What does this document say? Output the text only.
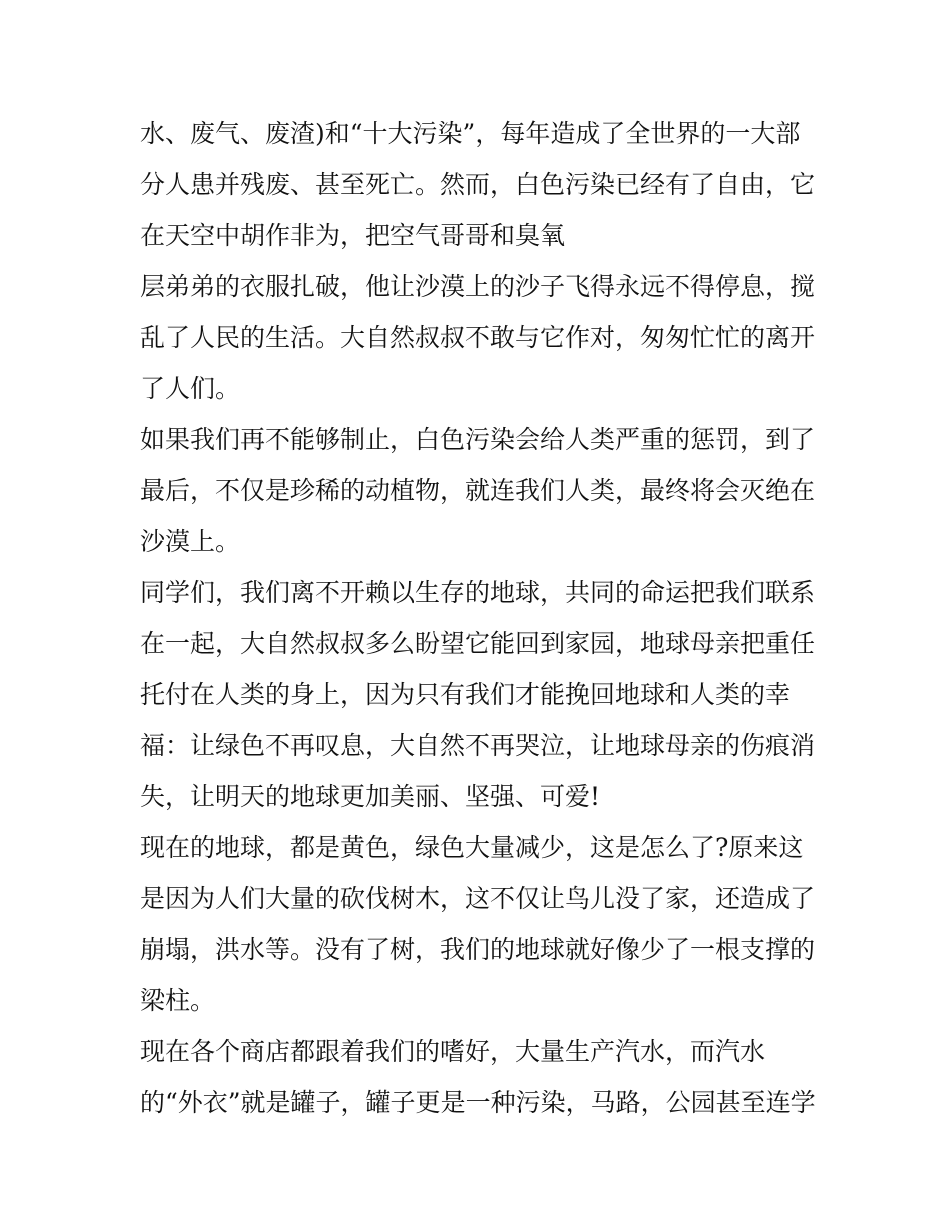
水、废气、废渣)和“十大污染”，每年造成了全世界的一大部
分人患并残废、甚至死亡。然而，白色污染已经有了自由，它
在天空中胡作非为，把空气哥哥和臭氧
层弟弟的衣服扎破，他让沙漠上的沙子飞得永远不得停息，搅
乱了人民的生活。大自然叔叔不敢与它作对，匆匆忙忙的离开
了人们。
如果我们再不能够制止，白色污染会给人类严重的惩罚，到了
最后，不仅是珍稀的动植物，就连我们人类，最终将会灭绝在
沙漠上。
同学们，我们离不开赖以生存的地球，共同的命运把我们联系
在一起，大自然叔叔多么盼望它能回到家园，地球母亲把重任
托付在人类的身上，因为只有我们才能挽回地球和人类的幸
福：让绿色不再叹息，大自然不再哭泣，让地球母亲的伤痕消
失，让明天的地球更加美丽、坚强、可爱!
现在的地球，都是黄色，绿色大量减少，这是怎么了?原来这
是因为人们大量的砍伐树木，这不仅让鸟儿没了家，还造成了
崩塌，洪水等。没有了树，我们的地球就好像少了一根支撑的
梁柱。
现在各个商店都跟着我们的嗜好，大量生产汽水，而汽水
的“外衣”就是罐子，罐子更是一种污染，马路，公园甚至连学
